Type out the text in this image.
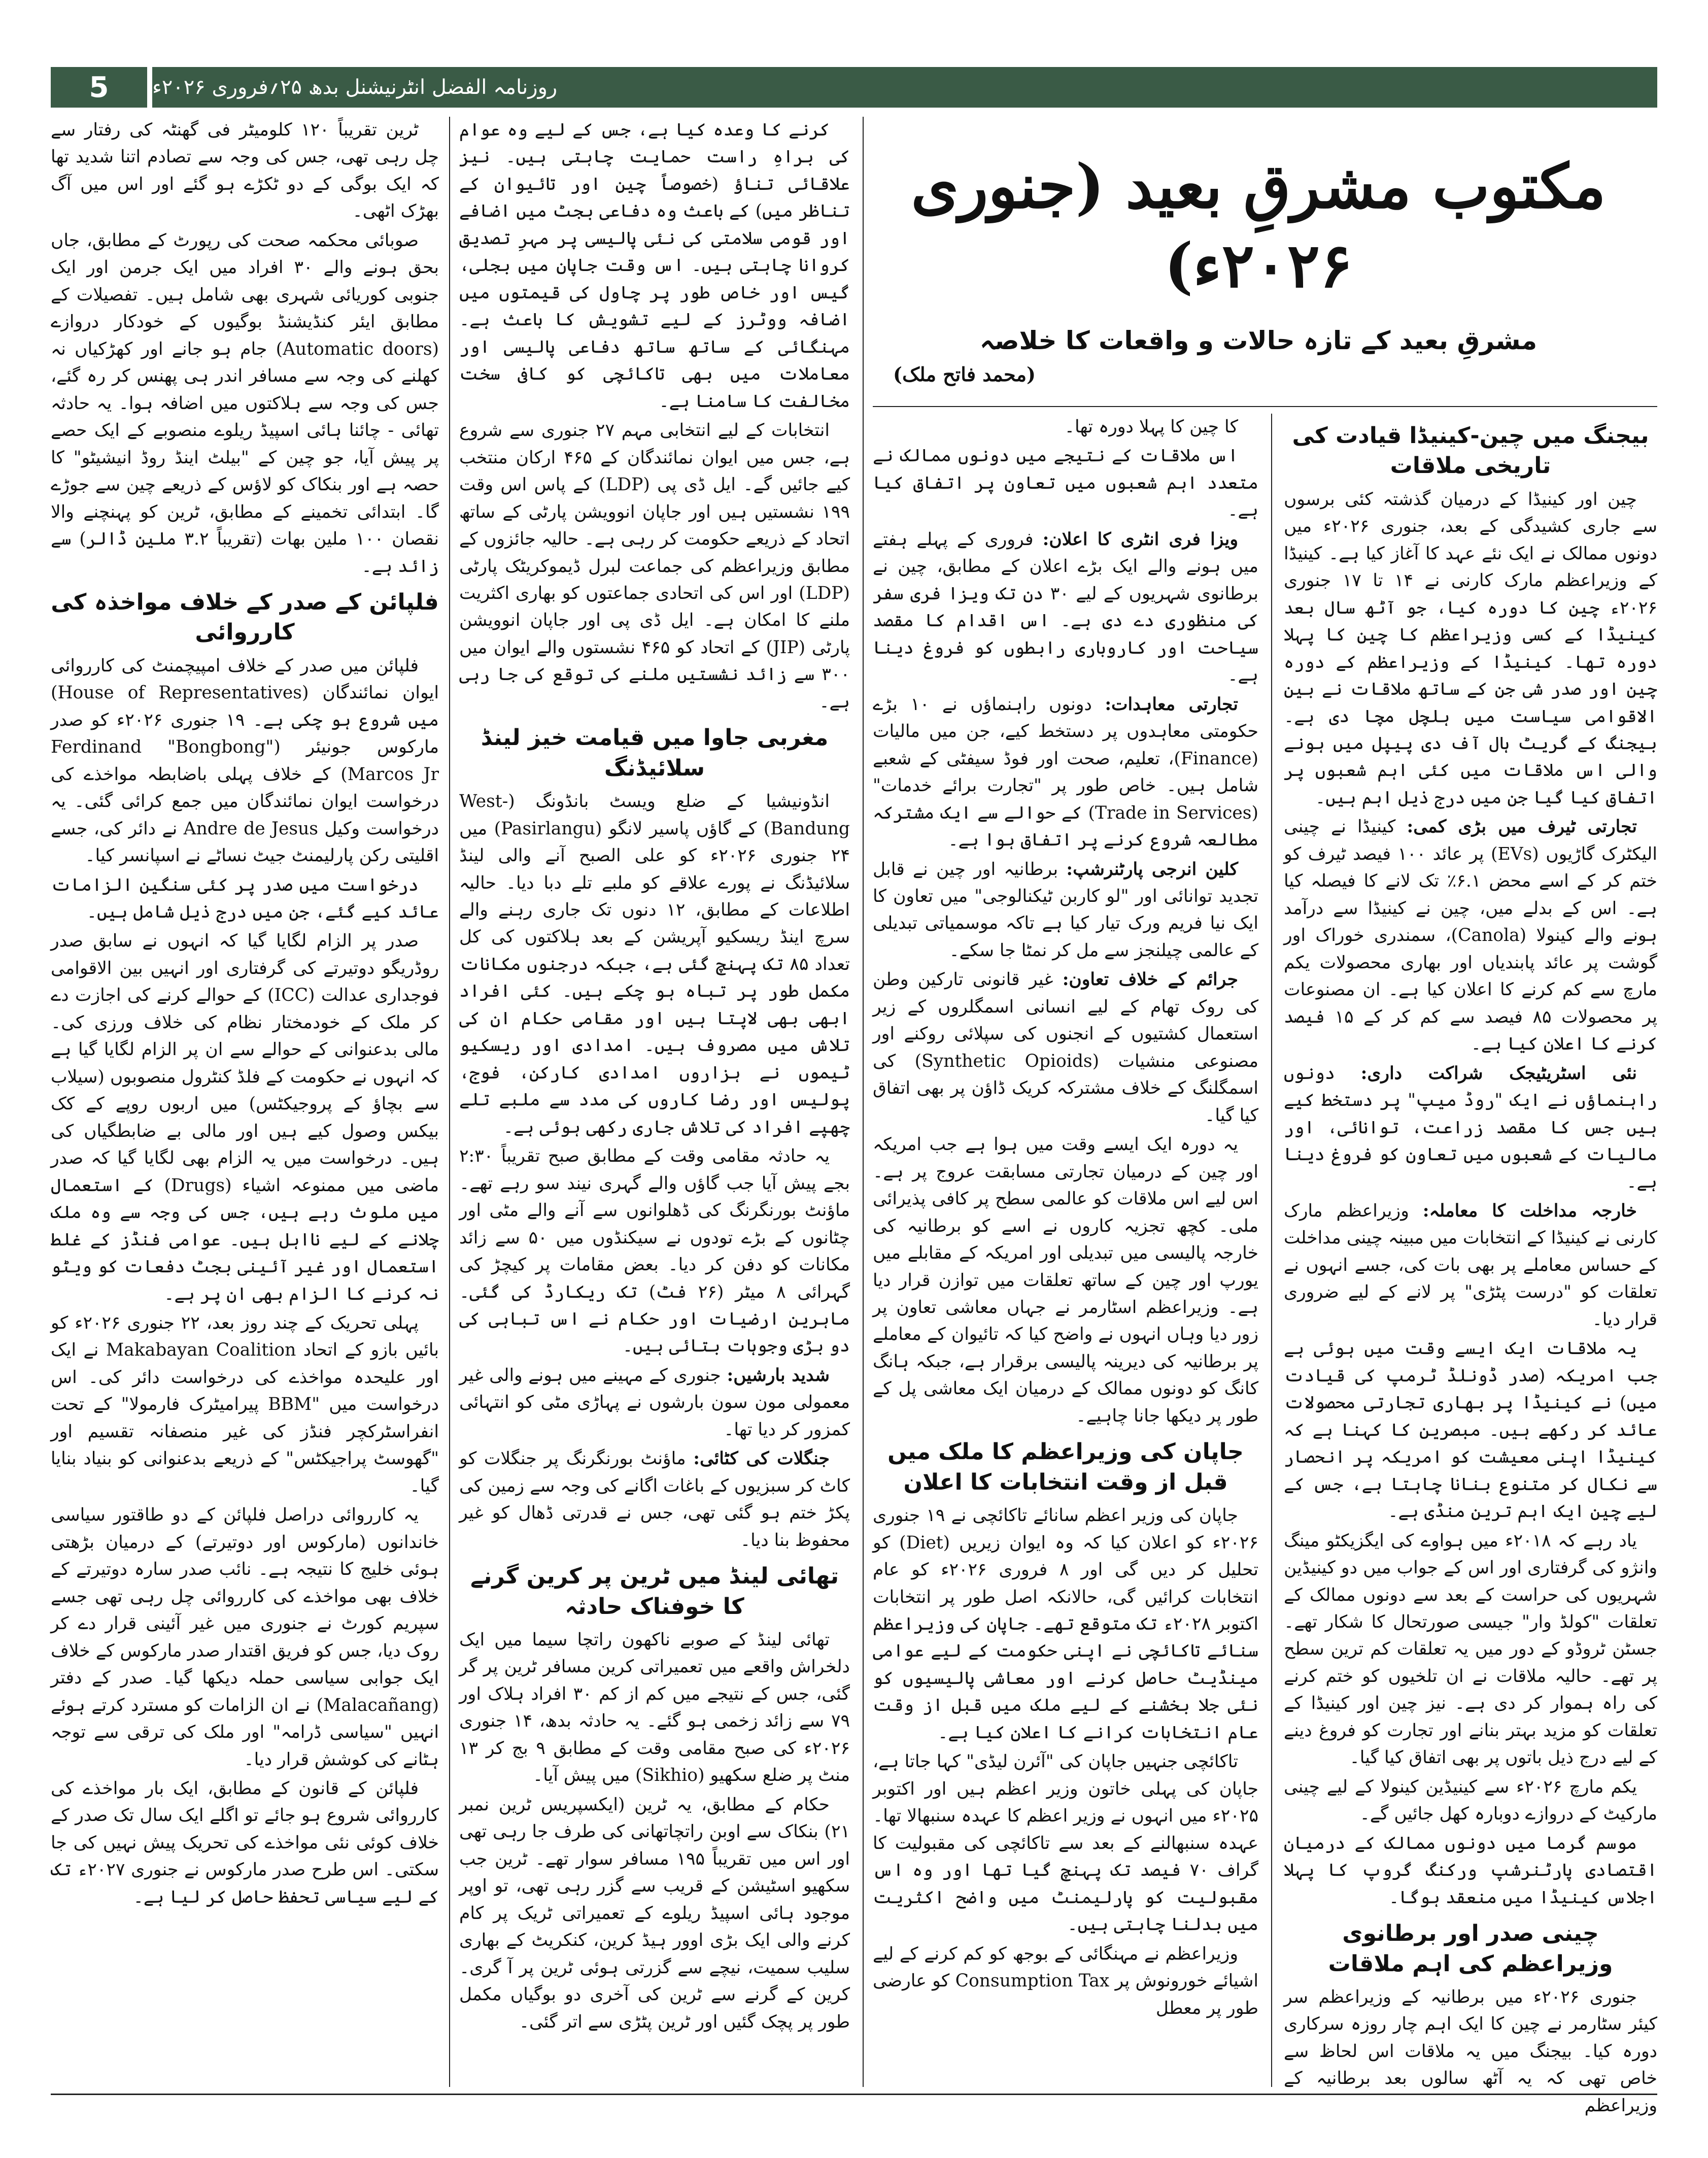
5	روزنامہ الفضل انٹرنیشنل بدھ ۲۵؍فروری ۲۰۲۶ء
مکتوب مشرقِ بعید (جنوری ۲۰۲۶ء)
مشرقِ بعید کے تازہ حالات و واقعات کا خلاصہ
(محمد فاتح ملک)
بیجنگ میں چین-کینیڈا قیادت کی تاریخی ملاقات

چین اور کینیڈا کے درمیان گذشتہ کئی برسوں سے جاری کشیدگی کے بعد، جنوری ۲۰۲۶ء میں دونوں ممالک نے ایک نئے عہد کا آغاز کیا ہے۔ کینیڈا کے وزیراعظم مارک کارنی نے ۱۴ تا ۱۷ جنوری ۲۰۲۶ء چین کا دورہ کیا، جو آٹھ سال بعد کینیڈا کے کسی وزیراعظم کا چین کا پہلا دورہ تھا۔ کینیڈا کے وزیراعظم کے دورہ چین اور صدر شی جن کے ساتھ ملاقات نے بین الاقوامی سیاست میں ہلچل مچا دی ہے۔ بیجنگ کے گریٹ ہال آف دی پیپل میں ہونے والی اس ملاقات میں کئی اہم شعبوں پر اتفاق کیا گیا جن میں درج ذیل اہم ہیں۔

تجارتی ٹیرف میں بڑی کمی: کینیڈا نے چینی الیکٹرک گاڑیوں (EVs) پر عائد ۱۰۰ فیصد ٹیرف کو ختم کر کے اسے محض ۶.۱٪ تک لانے کا فیصلہ کیا ہے۔ اس کے بدلے میں، چین نے کینیڈا سے درآمد ہونے والے کینولا (Canola)، سمندری خوراک اور گوشت پر عائد پابندیاں اور بھاری محصولات یکم مارچ سے کم کرنے کا اعلان کیا ہے۔ ان مصنوعات پر محصولات ۸۵ فیصد سے کم کر کے ۱۵ فیصد کرنے کا اعلان کیا ہے۔

نئی اسٹریٹیجک شراکت داری: دونوں راہنماؤں نے ایک "روڈ میپ" پر دستخط کیے ہیں جس کا مقصد زراعت، توانائی، اور مالیات کے شعبوں میں تعاون کو فروغ دینا ہے۔

خارجہ مداخلت کا معاملہ: وزیراعظم مارک کارنی نے کینیڈا کے انتخابات میں مبینہ چینی مداخلت کے حساس معاملے پر بھی بات کی، جسے انہوں نے تعلقات کو "درست پٹڑی" پر لانے کے لیے ضروری قرار دیا۔

یہ ملاقات ایک ایسے وقت میں ہوئی ہے جب امریکہ (صدر ڈونلڈ ٹرمپ کی قیادت میں) نے کینیڈا پر بھاری تجارتی محصولات عائد کر رکھے ہیں۔ مبصرین کا کہنا ہے کہ کینیڈا اپنی معیشت کو امریکہ پر انحصار سے نکال کر متنوع بنانا چاہتا ہے، جس کے لیے چین ایک اہم ترین منڈی ہے۔

یاد رہے کہ ۲۰۱۸ء میں ہواوے کی ایگزیکٹو مینگ وانژو کی گرفتاری اور اس کے جواب میں دو کینیڈین شہریوں کی حراست کے بعد سے دونوں ممالک کے تعلقات "کولڈ وار" جیسی صورتحال کا شکار تھے۔ جسٹن ٹروڈو کے دور میں یہ تعلقات کم ترین سطح پر تھے۔ حالیہ ملاقات نے ان تلخیوں کو ختم کرنے کی راہ ہموار کر دی ہے۔ نیز چین اور کینیڈا کے تعلقات کو مزید بہتر بنانے اور تجارت کو فروغ دینے کے لیے درج ذیل باتوں پر بھی اتفاق کیا گیا۔

یکم مارچ ۲۰۲۶ء سے کینیڈین کینولا کے لیے چینی مارکیٹ کے دروازے دوبارہ کھل جائیں گے۔

موسم گرما میں دونوں ممالک کے درمیان اقتصادی پارٹنرشپ ورکنگ گروپ کا پہلا اجلاس کینیڈا میں منعقد ہوگا۔

چینی صدر اور برطانوی وزیراعظم کی اہم ملاقات

جنوری ۲۰۲۶ء میں برطانیہ کے وزیراعظم سر کیئر سٹارمر نے چین کا ایک اہم چار روزہ سرکاری دورہ کیا۔ بیجنگ میں یہ ملاقات اس لحاظ سے خاص تھی کہ یہ آٹھ سالوں بعد برطانیہ کے وزیراعظم

کا چین کا پہلا دورہ تھا۔

اس ملاقات کے نتیجے میں دونوں ممالک نے متعدد اہم شعبوں میں تعاون پر اتفاق کیا ہے۔

ویزا فری انٹری کا اعلان: فروری کے پہلے ہفتے میں ہونے والے ایک بڑے اعلان کے مطابق، چین نے برطانوی شہریوں کے لیے ۳۰ دن تک ویزا فری سفر کی منظوری دے دی ہے۔ اس اقدام کا مقصد سیاحت اور کاروباری رابطوں کو فروغ دینا ہے۔

تجارتی معاہدات: دونوں راہنماؤں نے ۱۰ بڑے حکومتی معاہدوں پر دستخط کیے، جن میں مالیات (Finance)، تعلیم، صحت اور فوڈ سیفٹی کے شعبے شامل ہیں۔ خاص طور پر "تجارت برائے خدمات" (Trade in Services) کے حوالے سے ایک مشترکہ مطالعہ شروع کرنے پر اتفاق ہوا ہے۔

کلین انرجی پارٹنرشپ: برطانیہ اور چین نے قابل تجدید توانائی اور "لو کاربن ٹیکنالوجی" میں تعاون کا ایک نیا فریم ورک تیار کیا ہے تاکہ موسمیاتی تبدیلی کے عالمی چیلنجز سے مل کر نمٹا جا سکے۔

جرائم کے خلاف تعاون: غیر قانونی تارکین وطن کی روک تھام کے لیے انسانی اسمگلروں کے زیر استعمال کشتیوں کے انجنوں کی سپلائی روکنے اور مصنوعی منشیات (Synthetic Opioids) کی اسمگلنگ کے خلاف مشترکہ کریک ڈاؤن پر بھی اتفاق کیا گیا۔

یہ دورہ ایک ایسے وقت میں ہوا ہے جب امریکہ اور چین کے درمیان تجارتی مسابقت عروج پر ہے۔ اس لیے اس ملاقات کو عالمی سطح پر کافی پذیرائی ملی۔ کچھ تجزیہ کاروں نے اسے کو برطانیہ کی خارجہ پالیسی میں تبدیلی اور امریکہ کے مقابلے میں یورپ اور چین کے ساتھ تعلقات میں توازن قرار دیا ہے۔ وزیراعظم اسٹارمر نے جہاں معاشی تعاون پر زور دیا وہاں انہوں نے واضح کیا کہ تائیوان کے معاملے پر برطانیہ کی دیرینہ پالیسی برقرار ہے، جبکہ ہانگ کانگ کو دونوں ممالک کے درمیان ایک معاشی پل کے طور پر دیکھا جانا چاہیے۔

جاپان کی وزیراعظم کا ملک میں قبل از وقت انتخابات کا اعلان

جاپان کی وزیر اعظم سانائے تاکائچی نے ۱۹ جنوری ۲۰۲۶ء کو اعلان کیا کہ وہ ایوان زیریں (Diet) کو تحلیل کر دیں گی اور ۸ فروری ۲۰۲۶ء کو عام انتخابات کرائیں گی، حالانکہ اصل طور پر انتخابات اکتوبر ۲۰۲۸ء تک متوقع تھے۔ جاپان کی وزیراعظم سنائے تاکائچی نے اپنی حکومت کے لیے عوامی مینڈیٹ حاصل کرنے اور معاشی پالیسیوں کو نئی جلا بخشنے کے لیے ملک میں قبل از وقت عام انتخابات کرانے کا اعلان کیا ہے۔

تاکائچی جنہیں جاپان کی "آئرن لیڈی" کہا جاتا ہے، جاپان کی پہلی خاتون وزیر اعظم ہیں اور اکتوبر ۲۰۲۵ء میں انہوں نے وزیر اعظم کا عہدہ سنبھالا تھا۔ عہدہ سنبھالنے کے بعد سے تاکائچی کی مقبولیت کا گراف ۷۰ فیصد تک پہنچ گیا تھا اور وہ اس مقبولیت کو پارلیمنٹ میں واضح اکثریت میں بدلنا چاہتی ہیں۔

وزیراعظم نے مہنگائی کے بوجھ کو کم کرنے کے لیے اشیائے خورونوش پر Consumption Tax کو عارضی طور پر معطل

کرنے کا وعدہ کیا ہے، جس کے لیے وہ عوام کی براہِ راست حمایت چاہتی ہیں۔ نیز علاقائی تناؤ (خصوصاً چین اور تائیوان کے تناظر میں) کے باعث وہ دفاعی بجٹ میں اضافے اور قومی سلامتی کی نئی پالیسی پر مہرِ تصدیق کروانا چاہتی ہیں۔ اس وقت جاپان میں بجلی، گیس اور خاص طور پر چاول کی قیمتوں میں اضافہ ووٹرز کے لیے تشویش کا باعث ہے۔ مہنگائی کے ساتھ ساتھ دفاعی پالیسی اور معاملات میں بھی تاکائچی کو کافی سخت مخالفت کا سامنا ہے۔

انتخابات کے لیے انتخابی مہم ۲۷ جنوری سے شروع ہے، جس میں ایوان نمائندگان کے ۴۶۵ ارکان منتخب کیے جائیں گے۔ ایل ڈی پی (LDP) کے پاس اس وقت ۱۹۹ نشستیں ہیں اور جاپان انوویشن پارٹی کے ساتھ اتحاد کے ذریعے حکومت کر رہی ہے۔ حالیہ جائزوں کے مطابق وزیراعظم کی جماعت لبرل ڈیموکریٹک پارٹی (LDP) اور اس کی اتحادی جماعتوں کو بھاری اکثریت ملنے کا امکان ہے۔ ایل ڈی پی اور جاپان انوویشن پارٹی (JIP) کے اتحاد کو ۴۶۵ نشستوں والے ایوان میں ۳۰۰ سے زائد نشستیں ملنے کی توقع کی جا رہی ہے۔

مغربی جاوا میں قیامت خیز لینڈ سلائیڈنگ

انڈونیشیا کے ضلع ویسٹ بانڈونگ (West-Bandung) کے گاؤں پاسیر لانگو (Pasirlangu) میں ۲۴ جنوری ۲۰۲۶ء کو علی الصبح آنے والی لینڈ سلائیڈنگ نے پورے علاقے کو ملبے تلے دبا دیا۔ حالیہ اطلاعات کے مطابق، ۱۲ دنوں تک جاری رہنے والے سرچ اینڈ ریسکیو آپریشن کے بعد ہلاکتوں کی کل تعداد ۸۵ تک پہنچ گئی ہے، جبکہ درجنوں مکانات مکمل طور پر تباہ ہو چکے ہیں۔ کئی افراد ابھی بھی لاپتا ہیں اور مقامی حکام ان کی تلاش میں مصروف ہیں۔ امدادی اور ریسکیو ٹیموں نے ہزاروں امدادی کارکن، فوج، پولیس اور رضا کاروں کی مدد سے ملبے تلے چھپے افراد کی تلاش جاری رکھی ہوئی ہے۔

یہ حادثہ مقامی وقت کے مطابق صبح تقریباً ۲:۳۰ بجے پیش آیا جب گاؤں والے گہری نیند سو رہے تھے۔ ماؤنٹ بورنگرنگ کی ڈھلوانوں سے آنے والے مٹی اور چٹانوں کے بڑے تودوں نے سیکنڈوں میں ۵۰ سے زائد مکانات کو دفن کر دیا۔ بعض مقامات پر کیچڑ کی گہرائی ۸ میٹر (۲۶ فٹ) تک ریکارڈ کی گئی۔ ماہرین ارضیات اور حکام نے اس تباہی کی دو بڑی وجوہات بتائی ہیں۔

شدید بارشیں: جنوری کے مہینے میں ہونے والی غیر معمولی مون سون بارشوں نے پہاڑی مٹی کو انتہائی کمزور کر دیا تھا۔

جنگلات کی کٹائی: ماؤنٹ بورنگرنگ پر جنگلات کو کاٹ کر سبزیوں کے باغات اگانے کی وجہ سے زمین کی پکڑ ختم ہو گئی تھی، جس نے قدرتی ڈھال کو غیر محفوظ بنا دیا۔

تھائی لینڈ میں ٹرین پر کرین گرنے کا خوفناک حادثہ

تھائی لینڈ کے صوبے ناکھون راتچا سیما میں ایک دلخراش واقعے میں تعمیراتی کرین مسافر ٹرین پر گر گئی، جس کے نتیجے میں کم از کم ۳۰ افراد ہلاک اور ۷۹ سے زائد زخمی ہو گئے۔ یہ حادثہ بدھ، ۱۴ جنوری ۲۰۲۶ء کی صبح مقامی وقت کے مطابق ۹ بج کر ۱۳ منٹ پر ضلع سکھیو (Sikhio) میں پیش آیا۔

حکام کے مطابق، یہ ٹرین (ایکسپریس ٹرین نمبر ۲۱) بنکاک سے اوبن راتچاتھانی کی طرف جا رہی تھی اور اس میں تقریباً ۱۹۵ مسافر سوار تھے۔ ٹرین جب سکھیو اسٹیشن کے قریب سے گزر رہی تھی، تو اوپر موجود ہائی اسپیڈ ریلوے کے تعمیراتی ٹریک پر کام کرنے والی ایک بڑی اوور ہیڈ کرین، کنکریٹ کے بھاری سلیب سمیت، نیچے سے گزرتی ہوئی ٹرین پر آ گری۔ کرین کے گرنے سے ٹرین کی آخری دو بوگیاں مکمل طور پر پچک گئیں اور ٹرین پٹڑی سے اتر گئی۔

ٹرین تقریباً ۱۲۰ کلومیٹر فی گھنٹہ کی رفتار سے چل رہی تھی، جس کی وجہ سے تصادم اتنا شدید تھا کہ ایک بوگی کے دو ٹکڑے ہو گئے اور اس میں آگ بھڑک اٹھی۔

صوبائی محکمہ صحت کی رپورٹ کے مطابق، جاں بحق ہونے والے ۳۰ افراد میں ایک جرمن اور ایک جنوبی کوریائی شہری بھی شامل ہیں۔ تفصیلات کے مطابق ایئر کنڈیشنڈ بوگیوں کے خودکار دروازے (Automatic doors) جام ہو جانے اور کھڑکیاں نہ کھلنے کی وجہ سے مسافر اندر ہی پھنس کر رہ گئے، جس کی وجہ سے ہلاکتوں میں اضافہ ہوا۔ یہ حادثہ تھائی - چائنا ہائی اسپیڈ ریلوے منصوبے کے ایک حصے پر پیش آیا، جو چین کے "بیلٹ اینڈ روڈ انیشیٹو" کا حصہ ہے اور بنکاک کو لاؤس کے ذریعے چین سے جوڑے گا۔ ابتدائی تخمینے کے مطابق، ٹرین کو پہنچنے والا نقصان ۱۰۰ ملین بھات (تقریباً ۳.۲ ملین ڈالر) سے زائد ہے۔

فلپائن کے صدر کے خلاف مواخذہ کی کارروائی

فلپائن میں صدر کے خلاف امپیچمنٹ کی کارروائی ایوان نمائندگان (House of Representatives) میں شروع ہو چکی ہے۔ ۱۹ جنوری ۲۰۲۶ء کو صدر مارکوس جونیئر (Ferdinand "Bongbong" Marcos Jr) کے خلاف پہلی باضابطہ مواخذے کی درخواست ایوان نمائندگان میں جمع کرائی گئی۔ یہ درخواست وکیل Andre de Jesus نے دائر کی، جسے اقلیتی رکن پارلیمنٹ جیٹ نساٹے نے اسپانسر کیا۔

درخواست میں صدر پر کئی سنگین الزامات عائد کیے گئے، جن میں درج ذیل شامل ہیں۔

صدر پر الزام لگایا گیا کہ انہوں نے سابق صدر روڈریگو دوتیرتے کی گرفتاری اور انہیں بین الاقوامی فوجداری عدالت (ICC) کے حوالے کرنے کی اجازت دے کر ملک کے خودمختار نظام کی خلاف ورزی کی۔ مالی بدعنوانی کے حوالے سے ان پر الزام لگایا گیا ہے کہ انہوں نے حکومت کے فلڈ کنٹرول منصوبوں (سیلاب سے بچاؤ کے پروجیکٹس) میں اربوں روپے کے کک بیکس وصول کیے ہیں اور مالی بے ضابطگیاں کی ہیں۔ درخواست میں یہ الزام بھی لگایا گیا کہ صدر ماضی میں ممنوعہ اشیاء (Drugs) کے استعمال میں ملوث رہے ہیں، جس کی وجہ سے وہ ملک چلانے کے لیے نااہل ہیں۔ عوامی فنڈز کے غلط استعمال اور غیر آئینی بجٹ دفعات کو ویٹو نہ کرنے کا الزام بھی ان پر ہے۔

پہلی تحریک کے چند روز بعد، ۲۲ جنوری ۲۰۲۶ء کو بائیں بازو کے اتحاد Makabayan Coalition نے ایک اور علیحدہ مواخذے کی درخواست دائر کی۔ اس درخواست میں "BBM پیرامیٹرک فارمولا" کے تحت انفراسٹرکچر فنڈز کی غیر منصفانہ تقسیم اور "گھوسٹ پراجیکٹس" کے ذریعے بدعنوانی کو بنیاد بنایا گیا۔

یہ کارروائی دراصل فلپائن کے دو طاقتور سیاسی خاندانوں (مارکوس اور دوتیرتے) کے درمیان بڑھتی ہوئی خلیج کا نتیجہ ہے۔ نائب صدر سارہ دوتیرتے کے خلاف بھی مواخذے کی کارروائی چل رہی تھی جسے سپریم کورٹ نے جنوری میں غیر آئینی قرار دے کر روک دیا، جس کو فریق اقتدار صدر مارکوس کے خلاف ایک جوابی سیاسی حملہ دیکھا گیا۔ صدر کے دفتر (Malacañang) نے ان الزامات کو مسترد کرتے ہوئے انہیں "سیاسی ڈرامہ" اور ملک کی ترقی سے توجہ ہٹانے کی کوشش قرار دیا۔

فلپائن کے قانون کے مطابق، ایک بار مواخذے کی کارروائی شروع ہو جائے تو اگلے ایک سال تک صدر کے خلاف کوئی نئی مواخذے کی تحریک پیش نہیں کی جا سکتی۔ اس طرح صدر مارکوس نے جنوری ۲۰۲۷ء تک کے لیے سیاسی تحفظ حاصل کر لیا ہے۔
